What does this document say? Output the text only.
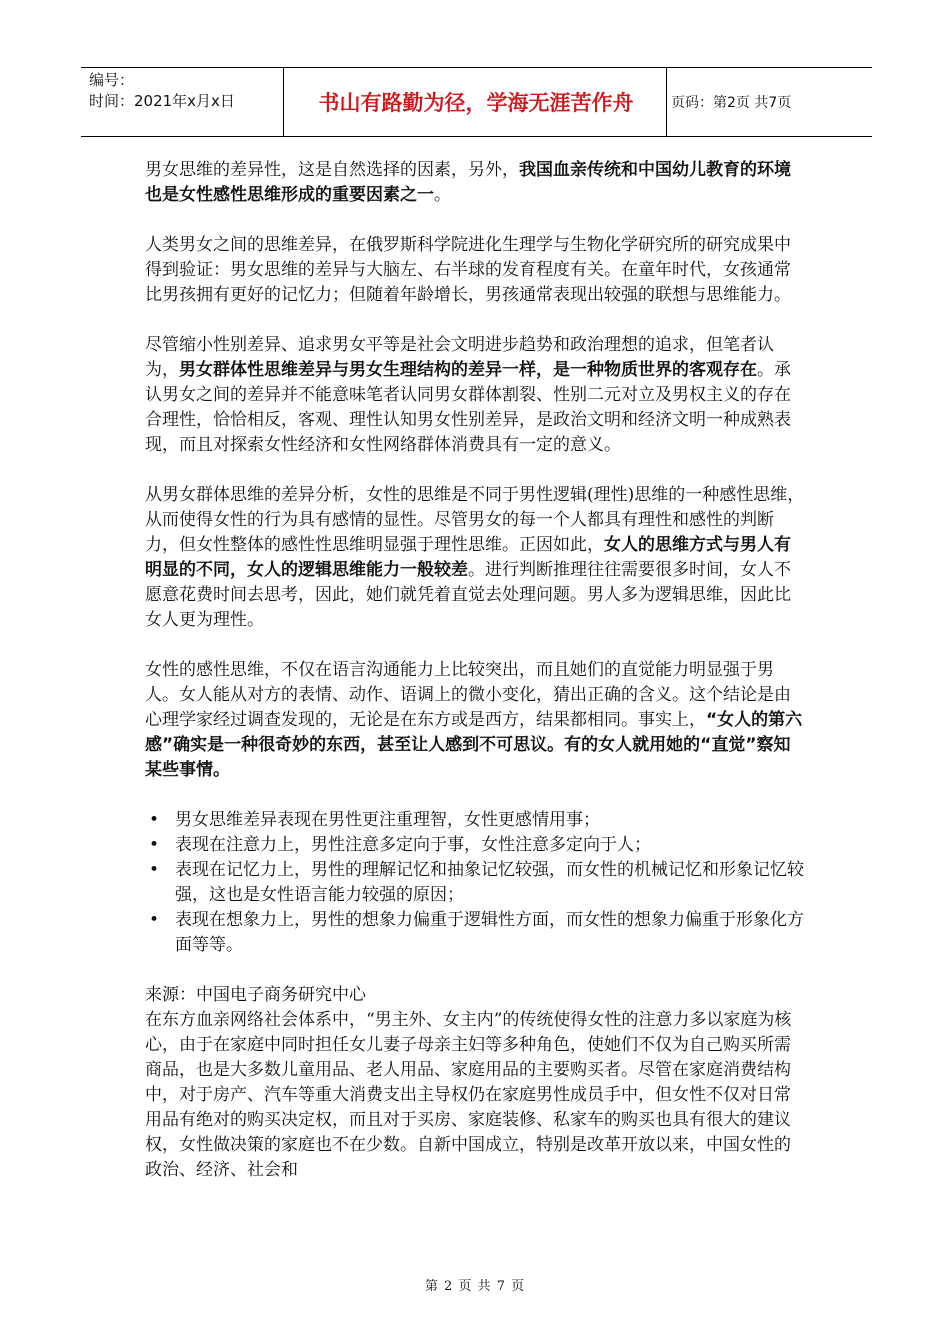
编号：
时间：2021年x月x日	书山有路勤为径，学海无涯苦作舟	页码：第2页 共7页

男女思维的差异性，这是自然选择的因素，另外，我国血亲传统和中国幼儿教育的环境也是女性感性思维形成的重要因素之一。

人类男女之间的思维差异，在俄罗斯科学院进化生理学与生物化学研究所的研究成果中得到验证：男女思维的差异与大脑左、右半球的发育程度有关。在童年时代，女孩通常比男孩拥有更好的记忆力；但随着年龄增长，男孩通常表现出较强的联想与思维能力。

尽管缩小性别差异、追求男女平等是社会文明进步趋势和政治理想的追求，但笔者认为，男女群体性思维差异与男女生理结构的差异一样，是一种物质世界的客观存在。承认男女之间的差异并不能意味笔者认同男女群体割裂、性别二元对立及男权主义的存在合理性，恰恰相反，客观、理性认知男女性别差异，是政治文明和经济文明一种成熟表现，而且对探索女性经济和女性网络群体消费具有一定的意义。

从男女群体思维的差异分析，女性的思维是不同于男性逻辑(理性)思维的一种感性思维，从而使得女性的行为具有感情的显性。尽管男女的每一个人都具有理性和感性的判断力，但女性整体的感性性思维明显强于理性思维。正因如此，女人的思维方式与男人有明显的不同，女人的逻辑思维能力一般较差。进行判断推理往往需要很多时间，女人不愿意花费时间去思考，因此，她们就凭着直觉去处理问题。男人多为逻辑思维，因此比女人更为理性。

女性的感性思维，不仅在语言沟通能力上比较突出，而且她们的直觉能力明显强于男人。女人能从对方的表情、动作、语调上的微小变化，猜出正确的含义。这个结论是由心理学家经过调查发现的，无论是在东方或是西方，结果都相同。事实上，“女人的第六感”确实是一种很奇妙的东西，甚至让人感到不可思议。有的女人就用她的“直觉”察知某些事情。

• 男女思维差异表现在男性更注重理智，女性更感情用事；
• 表现在注意力上，男性注意多定向于事，女性注意多定向于人；
• 表现在记忆力上，男性的理解记忆和抽象记忆较强，而女性的机械记忆和形象记忆较强，这也是女性语言能力较强的原因；
• 表现在想象力上，男性的想象力偏重于逻辑性方面，而女性的想象力偏重于形象化方面等等。

来源：中国电子商务研究中心

在东方血亲网络社会体系中，“男主外、女主内”的传统使得女性的注意力多以家庭为核心，由于在家庭中同时担任女儿妻子母亲主妇等多种角色，使她们不仅为自己购买所需商品，也是大多数儿童用品、老人用品、家庭用品的主要购买者。尽管在家庭消费结构中，对于房产、汽车等重大消费支出主导权仍在家庭男性成员手中，但女性不仅对日常用品有绝对的购买决定权，而且对于买房、家庭装修、私家车的购买也具有很大的建议权，女性做决策的家庭也不在少数。自新中国成立，特别是改革开放以来，中国女性的政治、经济、社会和

第 2 页 共 7 页
